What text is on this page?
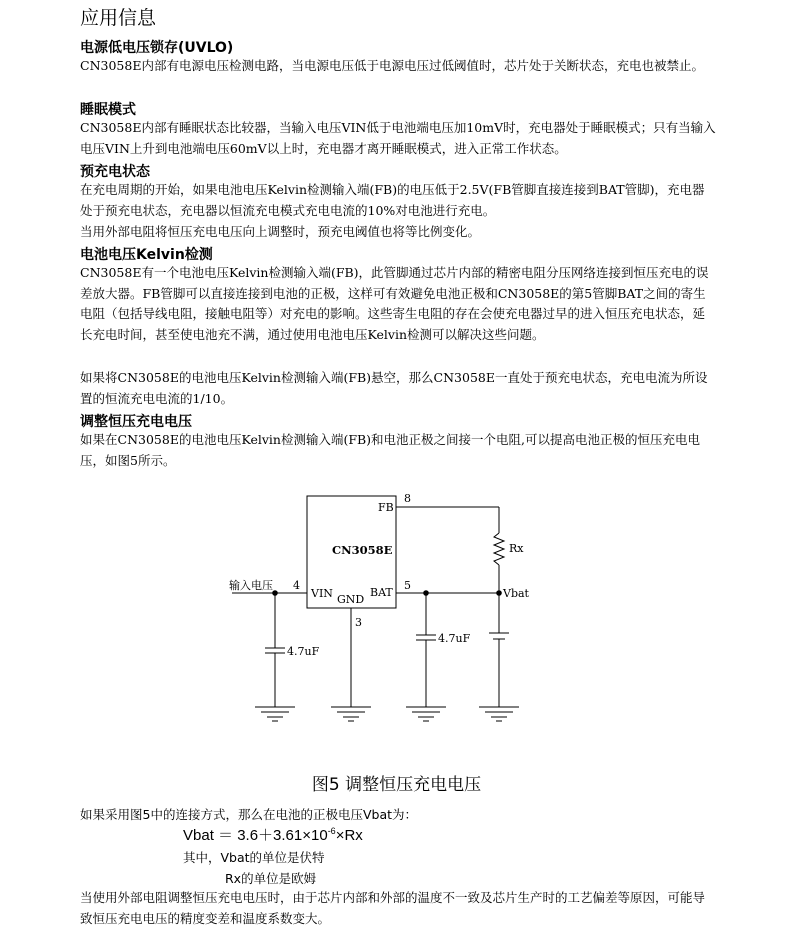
应用信息
电源低电压锁存(UVLO)
CN3058E内部有电源电压检测电路，当电源电压低于电源电压过低阈值时，芯片处于关断状态，充电也被禁止。
睡眠模式
CN3058E内部有睡眠状态比较器，当输入电压VIN低于电池端电压加10mV时，充电器处于睡眠模式；只有当输入电压VIN上升到电池端电压60mV以上时，充电器才离开睡眠模式，进入正常工作状态。
预充电状态
在充电周期的开始，如果电池电压Kelvin检测输入端(FB)的电压低于2.5V(FB管脚直接连接到BAT管脚)，充电器处于预充电状态，充电器以恒流充电模式充电电流的10%对电池进行充电。
当用外部电阻将恒压充电电压向上调整时，预充电阈值也将等比例变化。
电池电压Kelvin检测
CN3058E有一个电池电压Kelvin检测输入端(FB)，此管脚通过芯片内部的精密电阻分压网络连接到恒压充电的误差放大器。FB管脚可以直接连接到电池的正极，这样可有效避免电池正极和CN3058E的第5管脚BAT之间的寄生电阻（包括导线电阻，接触电阻等）对充电的影响。这些寄生电阻的存在会使充电器过早的进入恒压充电状态，延长充电时间，甚至使电池充不满，通过使用电池电压Kelvin检测可以解决这些问题。
如果将CN3058E的电池电压Kelvin检测输入端(FB)悬空，那么CN3058E一直处于预充电状态，充电电流为所设置的恒流充电电流的1/10。
调整恒压充电电压
如果在CN3058E的电池电压Kelvin检测输入端(FB)和电池正极之间接一个电阻,可以提高电池正极的恒压充电电压，如图5所示。
CN3058E
FB
VIN GND
BAT
8
4	5
3
输入电压
Rx
Vbat
4.7uF
4.7uF
图5 调整恒压充电电压
如果采用图5中的连接方式，那么在电池的正极电压Vbat为：
Vbat ＝ $3.6+3.61\times 10^{-6}\times Rx$
其中，Vbat的单位是伏特
Rx的单位是欧姆
当使用外部电阻调整恒压充电电压时，由于芯片内部和外部的温度不一致及芯片生产时的工艺偏差等原因，可能导致恒压充电电压的精度变差和温度系数变大。
